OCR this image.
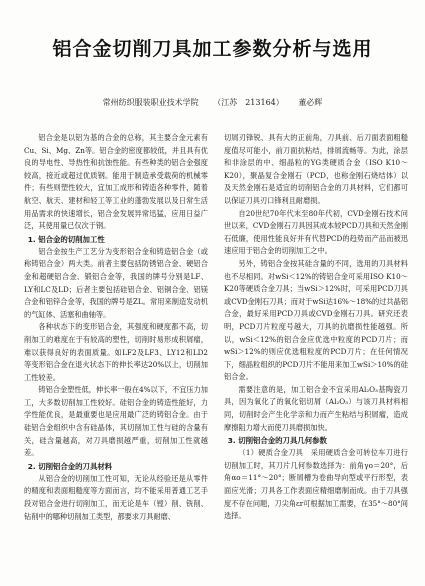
铝合金切削刀具加工参数分析与选用
常州纺织服装职业技术学院 （江苏　213164） 董必辉

铝合金是以铝为基的合金的总称，其主要合金元素有Cu、Si、Mg、Zn等。铝合金的密度都较低，并且具有优良的导电性、导热性和抗蚀性能。有些种类的铝合金强度较高，接近或超过优质钢。能用于制造承受载荷的机械零件；有些则塑性较大，宜加工成形和铸造各种零件，随着航空、航天、建材和轻工等工业的蓬勃发展以及日常生活用品需求的快速增长，铝合金发展异常迅猛，应用日益广泛，其使用量已仅次于钢。

1. 铝合金的切削加工性

铝合金按生产工艺分为变形铝合金和铸造铝合金（或称铸铝合金）两大类。前者主要包括防锈铝合金、硬铝合金和超硬铝合金、锻铝合金等，我国的牌号分别是LF、LY和LC及LD；后者主要包括硅铝合金、铝铜合金、铝镁合金和铝锌合金等，我国的牌号是ZL。常用来制造发动机的气缸体、活塞和曲轴等。

各种状态下的变形铝合金，其强度和硬度都不高，切削加工的难度在于有较高的塑性，切削时易形成积屑瘤，难以获得良好的表面质量。如LF2及LF3、LY12和LD2等变形铝合金在退火状态下的伸长率达20%以上，切削加工性较差。

铸铝合金塑性低，伸长率一般在4%以下，不宜压力加工，大多数切削加工性较好。硅铝合金的铸造性能好，力学性能优良，是最重要也是应用最广泛的铸铝合金。由于硅铝合金组织中含有硅晶体，其切削加工性与硅的含量有关，硅含量越高，对刀具磨损越严重，切削加工性就越差。

2. 切削铝合金的刀具材料

从铝合金的切削加工性可知，无论从经验还是从零件的精度和表面粗糙度等方面而言，均不能采用普通工艺手段对铝合金进行切削加工，而无论是车（镗）削、铣削、钻削中的哪种切削加工类型，都要求刀具耐磨、

切屑刃锋锐、具有大的正前角，刀具前、后刀面表面粗糙度值尽可能小，前刀面抗粘结，排屑流畅等。为此，涂层和非涂层的中、细晶粒的YG类硬质合金（ISO K10～K20），聚晶复合金刚石（PCD，也称金刚石烧结体）以及天然金刚石是适宜的切削铝合金的刀具材料，它们都可以保证刀具刃口锋利且耐磨损。

自20世纪70年代末至80年代初，CVD金刚石技术问世以来，CVD金刚石刀具因其成本较PCD刀具和天然金刚石低廉，使用性能良好并有代替PCD的趋势而产品而被迅速应用于铝合金的切削加工之中。

另外，铸铝合金按其硅含量的不同，选用的刀具材料也不尽相同。对wSi＜12%的铸铝合金可采用ISO K10～K20等硬质合金刀具；当wSi＞12%时，可采用PCD刀具或CVD金刚石刀具；而对于wSi达16%～18%的过共晶铝合金，最好采用PCD刀具或CVD金刚石刀具。研究还表明，PCD刀片粒度号越大，刀具的抗磨损性能越强。所以，wSi＜12%的铝合金应优选中粒度的PCD刀片；而wSi＞12%的则应优选粗粒度的PCD刀片；在任何情况下，细晶粒组织的PCD刀片不能用来加工wSi＞10%的硅铝合金。

需要注意的是，加工铝合金不宜采用Al₂O₃基陶瓷刀具，因为氧化了的氧化铝切屑（Al₂O₃）与该刀具材料相同，切削时会产生化学亲和力而产生粘结与积屑瘤，造成摩擦阻力增大而使刀具磨损加快。

3. 切削铝合金的刀具几何参数

（1）硬质合金刀具　采用硬质合金可转位车刀进行切削加工时，其刀片几何参数选择为：前角γo＝20°，后角αo＝11°～20°；断屑槽为卷曲导向型或平行形型，表面应光滑；刀具各工作表面应精细磨制而成。由于刀具强度不存在问题，刀尖角εr可根据加工需要，在35°～80°间选择。
